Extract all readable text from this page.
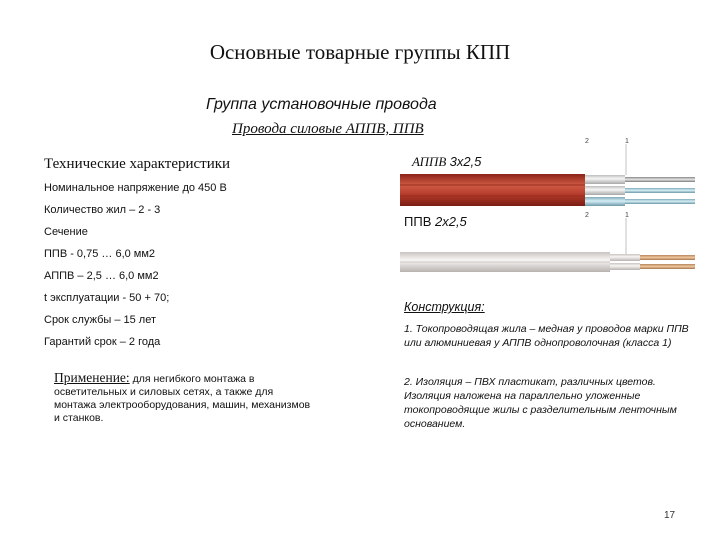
Основные товарные группы КПП
Группа установочные провода
Провода силовые АППВ, ППВ
Технические характеристики
Номинальное напряжение до 450 В
Количество жил – 2 - 3
Сечение
ППВ - 0,75 … 6,0 мм2
АППВ – 2,5 … 6,0 мм2
t эксплуатации - 50 + 70;
Срок службы – 15 лет
Гарантий срок – 2 года
Применение: для негибкого монтажа в осветительных и силовых сетях, а также для монтажа электрооборудования, машин, механизмов и станков.
АППВ 3х2,5
ППВ 2х2,5
2	1
2	1
Конструкция:
1. Токопроводящая жила – медная у проводов марки ППВ или алюминиевая у АППВ однопроволочная (класса 1)
2. Изоляция – ПВХ пластикат, различных цветов. Изоляция наложена на параллельно уложенные токопроводящие жилы с разделительным ленточным основанием.
17
